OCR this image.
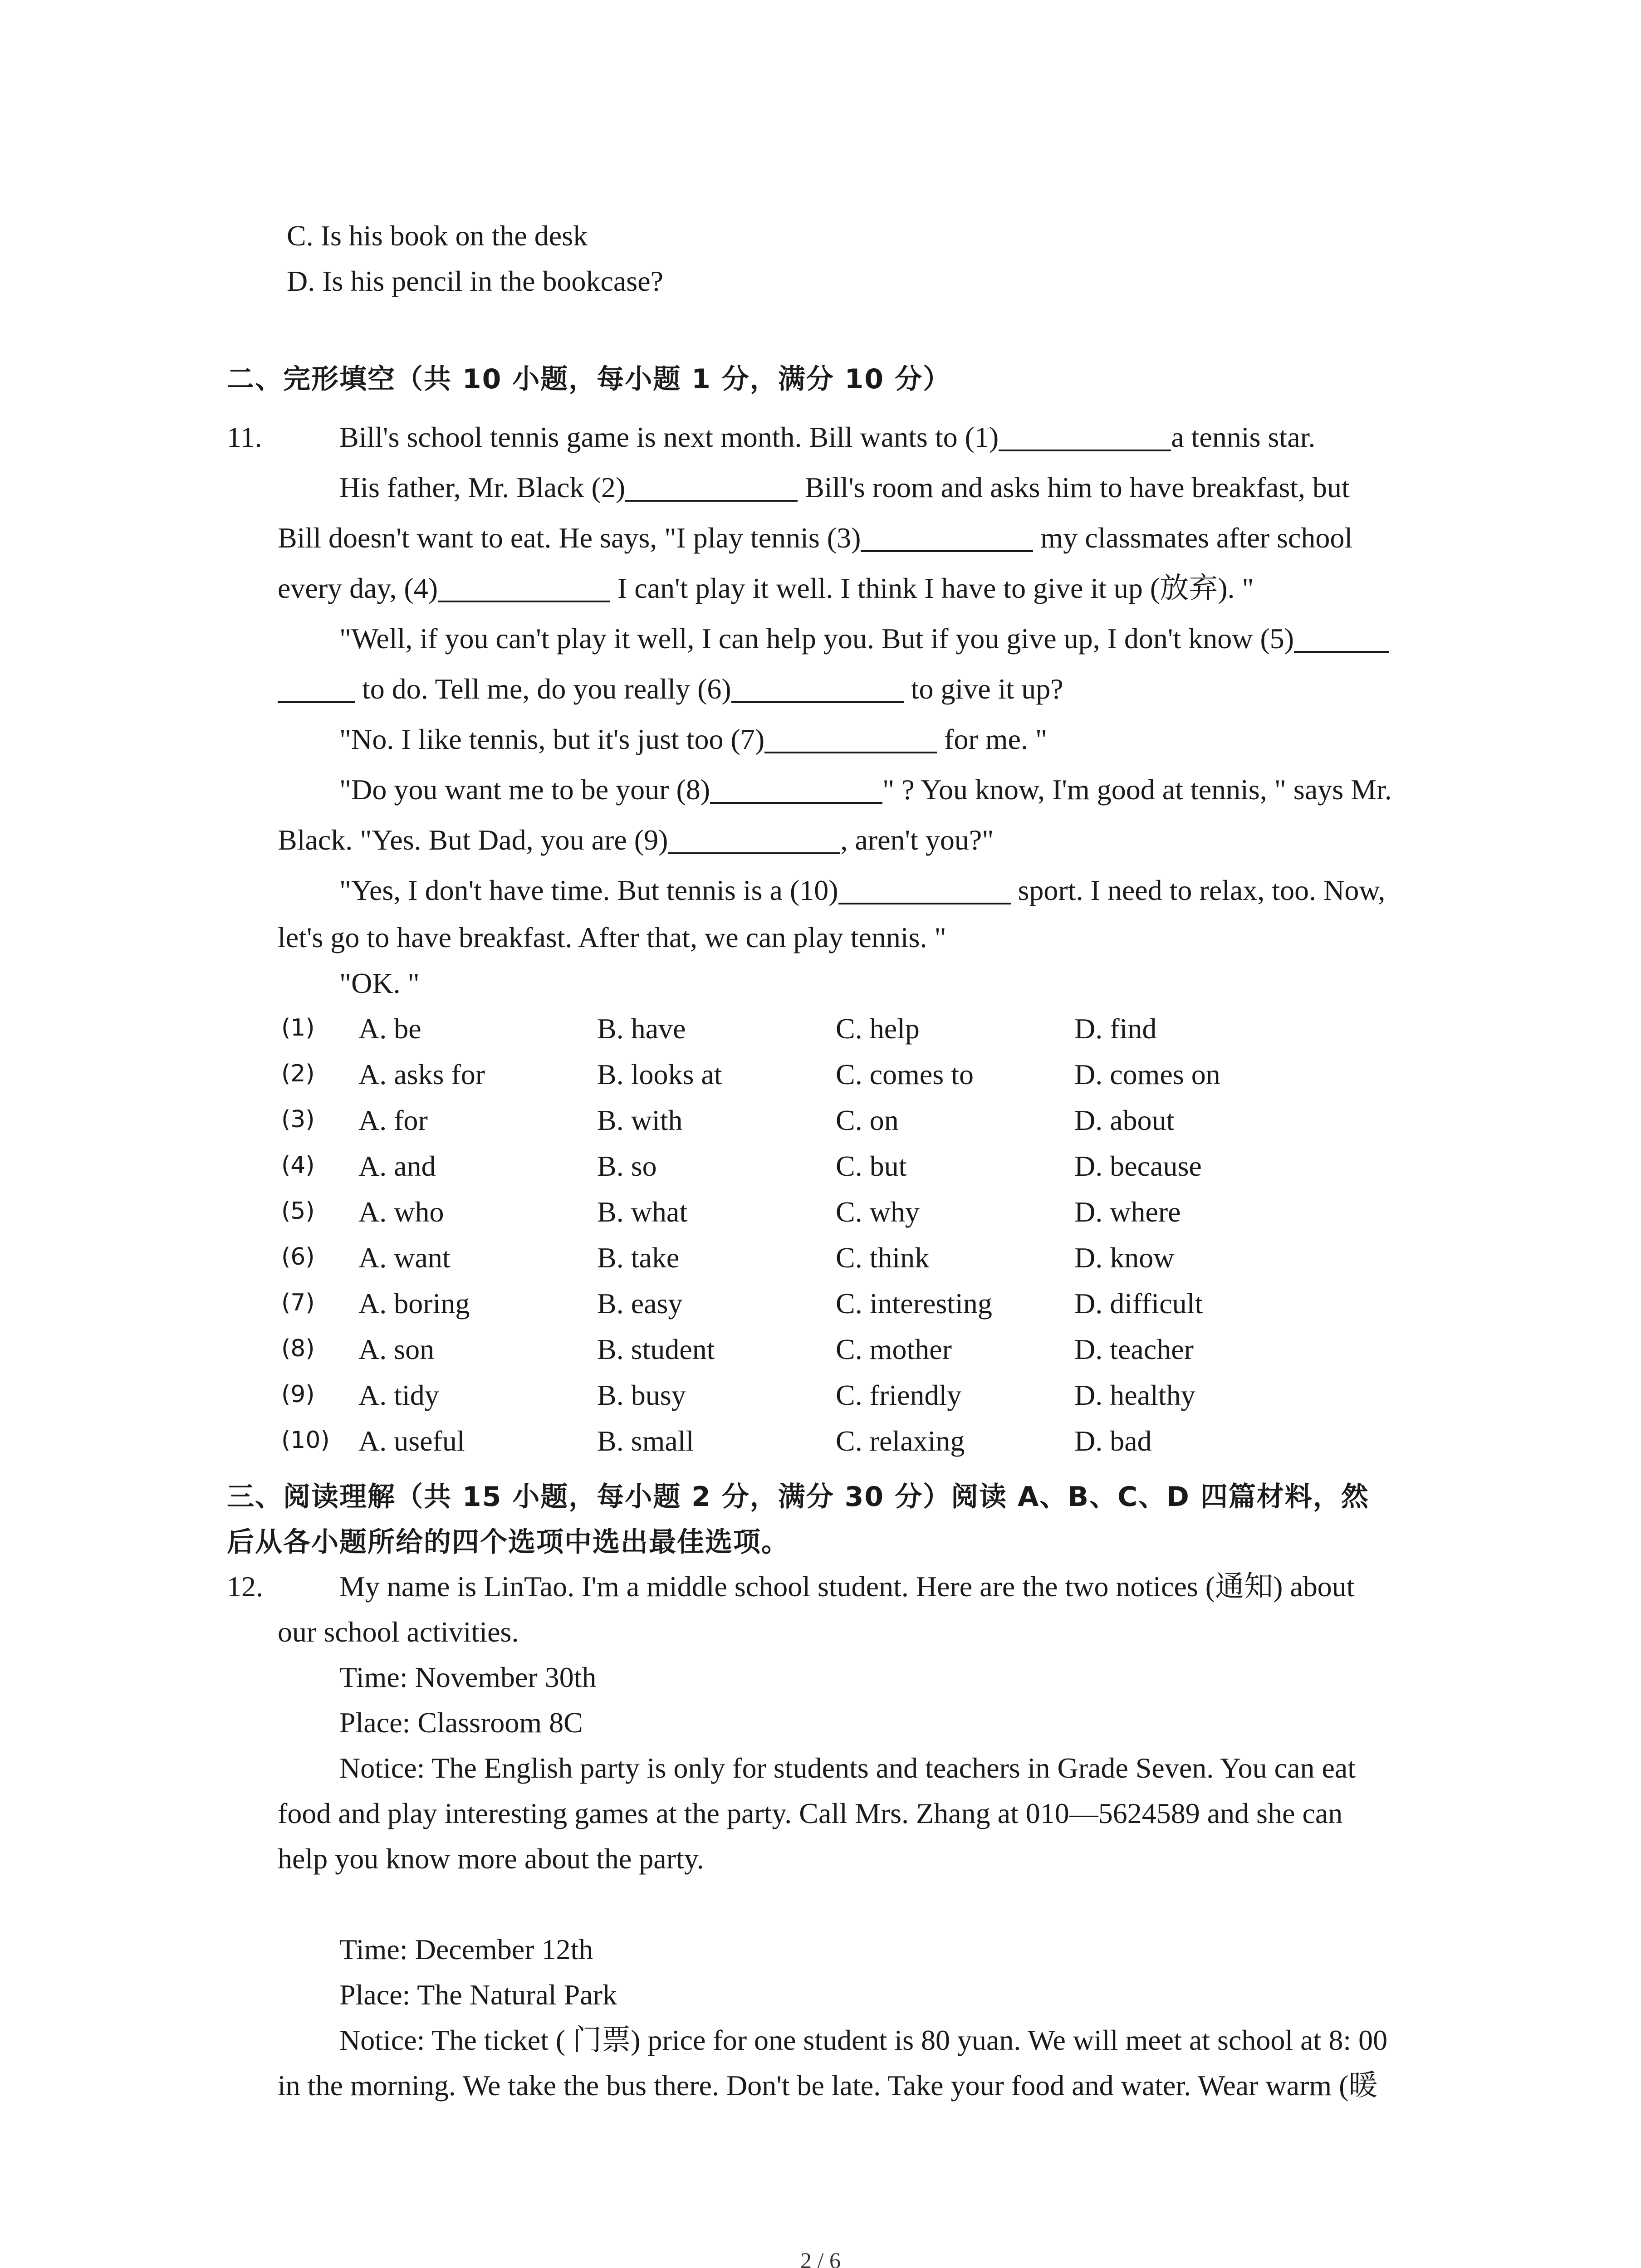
C. Is his book on the desk
D. Is his pencil in the bookcase?
二、完形填空（共 10 小题，每小题 1 分，满分 10 分）
11.	Bill's school tennis game is next month. Bill wants to (1)	a tennis star.
His father, Mr. Black (2)	Bill's room and asks him to have breakfast, but
Bill doesn't want to eat. He says, "I play tennis (3)	my classmates after school
every day, (4)	I can't play it well. I think I have to give it up (放弃). "
"Well, if you can't play it well, I can help you. But if you give up, I don't know (5)
to do. Tell me, do you really (6)	to give it up?
"No. I like tennis, but it's just too (7)	for me. "
"Do you want me to be your (8)	" ? You know, I'm good at tennis, " says Mr.
Black. "Yes. But Dad, you are (9)	, aren't you?"
"Yes, I don't have time. But tennis is a (10)	sport. I need to relax, too. Now,
let's go to have breakfast. After that, we can play tennis. "
"OK. "
(1) A. be	B. have	C. help	D. find
(2) A. asks for	B. looks at	C. comes to	D. comes on
(3) A. for	B. with	C. on	D. about
(4) A. and	B. so	C. but	D. because
(5) A. who	B. what	C. why	D. where
(6) A. want	B. take	C. think	D. know
(7) A. boring	B. easy	C. interesting	D. difficult
(8) A. son	B. student	C. mother	D. teacher
(9) A. tidy	B. busy	C. friendly	D. healthy
(10) A. useful	B. small	C. relaxing	D. bad
三、阅读理解（共 15 小题，每小题 2 分，满分 30 分）阅读 A、B、C、D 四篇材料，然
后从各小题所给的四个选项中选出最佳选项。
12.	My name is LinTao. I'm a middle school student. Here are the two notices (通知) about
our school activities.
Time: November 30th
Place: Classroom 8C
Notice: The English party is only for students and teachers in Grade Seven. You can eat
food and play interesting games at the party. Call Mrs. Zhang at 010—5624589 and she can
help you know more about the party.
Time: December 12th
Place: The Natural Park
Notice: The ticket ( 门票) price for one student is 80 yuan. We will meet at school at 8: 00
in the morning. We take the bus there. Don't be late. Take your food and water. Wear warm (暖
2 / 6
